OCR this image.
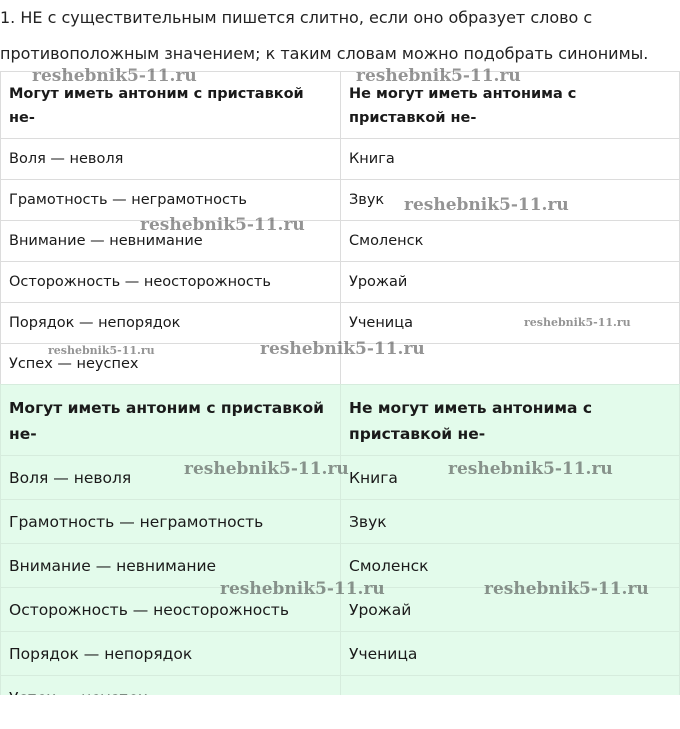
1. НЕ с существительным пишется слитно, если оно образует слово с противоположным значением; к таким словам можно подобрать синонимы.
Могут иметь антоним с приставкой не-	Не могут иметь антонима с приставкой не-
Воля — неволя	Книга
Грамотность — неграмотность	Звук
Внимание — невнимание	Смоленск
Осторожность — неосторожность	Урожай
Порядок — непорядок	Ученица
Успех — неуспех	
Могут иметь антоним с приставкой не-	Не могут иметь антонима с приставкой не-
Воля — неволя	Книга
Грамотность — неграмотность	Звук
Внимание — невнимание	Смоленск
Осторожность — неосторожность	Урожай
Порядок — непорядок	Ученица

reshebnik5-11.ru	reshebnik5-11.ru
reshebnik5-11.ru
reshebnik5-11.ru
reshebnik5-11.ru
reshebnik5-11.ru	reshebnik5-11.ru
reshebnik5-11.ru	reshebnik5-11.ru
reshebnik5-11.ru	reshebnik5-11.ru
